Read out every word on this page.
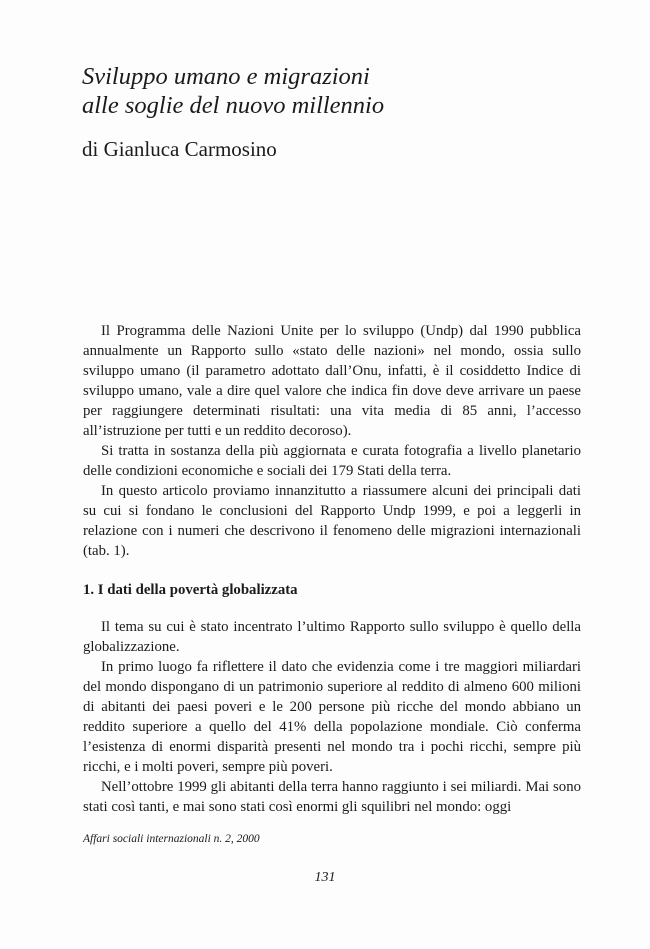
Sviluppo umano e migrazioni
alle soglie del nuovo millennio
di Gianluca Carmosino

Il Programma delle Nazioni Unite per lo sviluppo (Undp) dal 1990 pubblica annualmente un Rapporto sullo «stato delle nazioni» nel mondo, ossia sullo sviluppo umano (il parametro adottato dall’Onu, infatti, è il cosiddetto Indice di sviluppo umano, vale a dire quel valore che indica fin dove deve arrivare un paese per raggiungere determinati risultati: una vita media di 85 anni, l’accesso all’istruzione per tutti e un reddito decoroso).

Si tratta in sostanza della più aggiornata e curata fotografia a livello planetario delle condizioni economiche e sociali dei 179 Stati della terra.

In questo articolo proviamo innanzitutto a riassumere alcuni dei principali dati su cui si fondano le conclusioni del Rapporto Undp 1999, e poi a leggerli in relazione con i numeri che descrivono il fenomeno delle migrazioni internazionali (tab. 1).

1. I dati della povertà globalizzata

Il tema su cui è stato incentrato l’ultimo Rapporto sullo sviluppo è quello della globalizzazione.

In primo luogo fa riflettere il dato che evidenzia come i tre maggiori miliardari del mondo dispongano di un patrimonio superiore al reddito di almeno 600 milioni di abitanti dei paesi poveri e le 200 persone più ricche del mondo abbiano un reddito superiore a quello del 41% della popolazione mondiale. Ciò conferma l’esistenza di enormi disparità presenti nel mondo tra i pochi ricchi, sempre più ricchi, e i molti poveri, sempre più poveri.

Nell’ottobre 1999 gli abitanti della terra hanno raggiunto i sei miliardi. Mai sono stati così tanti, e mai sono stati così enormi gli squilibri nel mondo: oggi

Affari sociali internazionali n. 2, 2000
131
